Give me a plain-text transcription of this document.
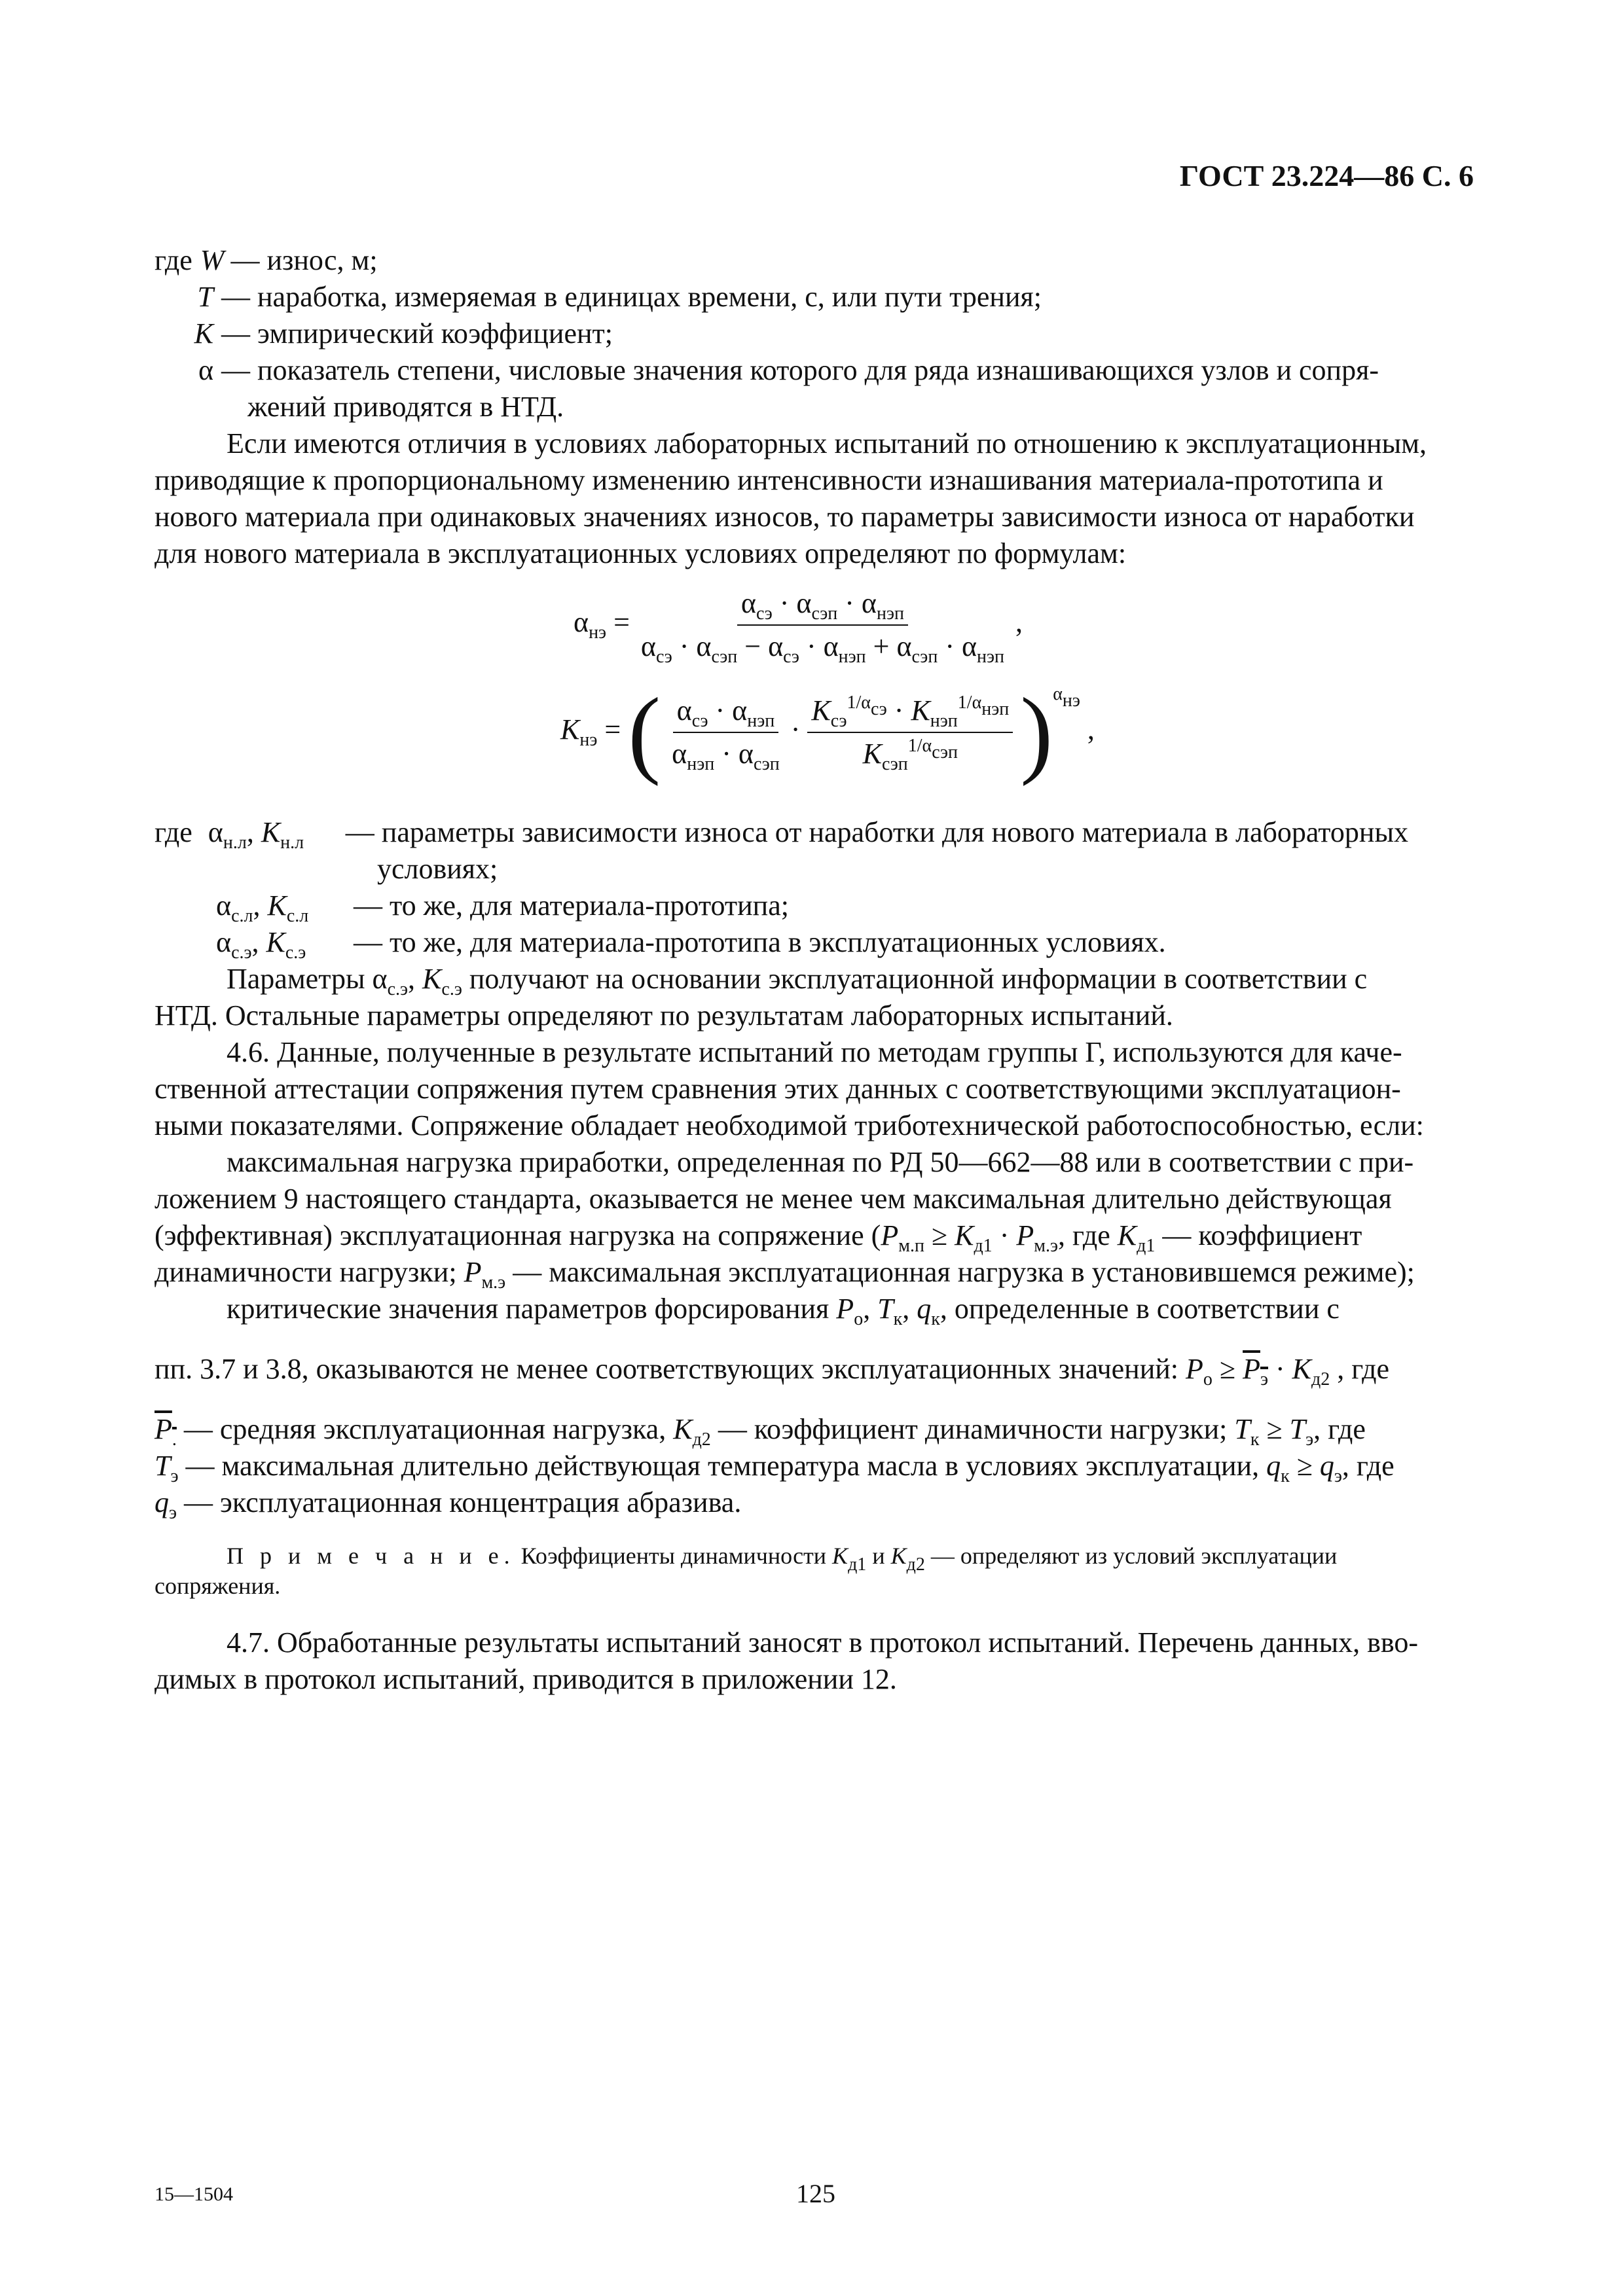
ГОСТ 23.224—86 С. 6
где W — износ, м;
T — наработка, измеряемая в единицах времени, с, или пути трения;
K — эмпирический коэффициент;
α — показатель степени, числовые значения которого для ряда изнашивающихся узлов и сопря-
жений приводятся в НТД.

Если имеются отличия в условиях лабораторных испытаний по отношению к эксплуатационным,

приводящие к пропорциональному изменению интенсивности изнашивания материала-прототипа и

нового материала при одинаковых значениях износов, то параметры зависимости износа от наработки

для нового материала в эксплуатационных условиях определяют по формулам:

$\alpha_{нэ} = \frac{\alpha_{сэ} \cdot \alpha_{сэп} \cdot \alpha_{нэп}}{\alpha_{сэ} \cdot \alpha_{сэп} - \alpha_{сэ} \cdot \alpha_{нэп} + \alpha_{сэп} \cdot \alpha_{нэп}}$ ,
$K_{нэ}$ = ( $\frac{\alpha_{сэ} \cdot \alpha_{нэп}}{\alpha_{нэп} \cdot \alpha_{сэп}} \cdot \frac{K_{сэ}^{1/\alpha_{сэ}} \cdot K_{нэп}^{1/\alpha_{нэп}}}{K_{сэп}^{1/\alpha_{сэп}}} )^{\alpha_{нэ}}$ ,
где $\alpha_{н.л}$, $K_{н.л}$	— параметры зависимости износа от наработки для нового материала в лабораторных
условиях;
$\alpha_{с.л}$, $K_{с.л}$	— то же, для материала-прототипа;
$\alpha_{с.э}$, $K_{с.э}$	— то же, для материала-прототипа в эксплуатационных условиях.

Параметры $\alpha_{с.э}$, $K_{с.э}$ получают на основании эксплуатационной информации в соответствии с

НТД. Остальные параметры определяют по результатам лабораторных испытаний.

4.6. Данные, полученные в результате испытаний по методам группы Г, используются для каче-

ственной аттестации сопряжения путем сравнения этих данных с соответствующими эксплуатацион-

ными показателями. Сопряжение обладает необходимой триботехнической работоспособностью, если:

максимальная нагрузка приработки, определенная по РД 50—662—88 или в соответствии с при-

ложением 9 настоящего стандарта, оказывается не менее чем максимальная длительно действующая

(эффективная) эксплуатационная нагрузка на сопряжение ($P_{м.п} \ge K_{д1} \cdot P_{м.э}$, где $K_{д1}$ — коэффициент

динамичности нагрузки; $P_{м.э}$ — максимальная эксплуатационная нагрузка в установившемся режиме);

критические значения параметров форсирования $P_о$, $T_к$, $q_к$, определенные в соответствии с

пп. 3.7 и 3.8, оказываются не менее соответствующих эксплуатационных значений: $P_о \ge P_э \cdot K_{д2}$ , где

$P_.$ — средняя эксплуатационная нагрузка, $K_{д2}$ — коэффициент динамичности нагрузки; $T_к \ge T_э$, где

$T_э$ — максимальная длительно действующая температура масла в условиях эксплуатации, $q_к \ge q_э$, где

$q_э$ — эксплуатационная концентрация абразива.

П р и м е ч а н и е. Коэффициенты динамичности $K_{д1}$ и $K_{д2}$ — определяют из условий эксплуатации

сопряжения.

4.7. Обработанные результаты испытаний заносят в протокол испытаний. Перечень данных, вво-

димых в протокол испытаний, приводится в приложении 12.

15—1504	125
